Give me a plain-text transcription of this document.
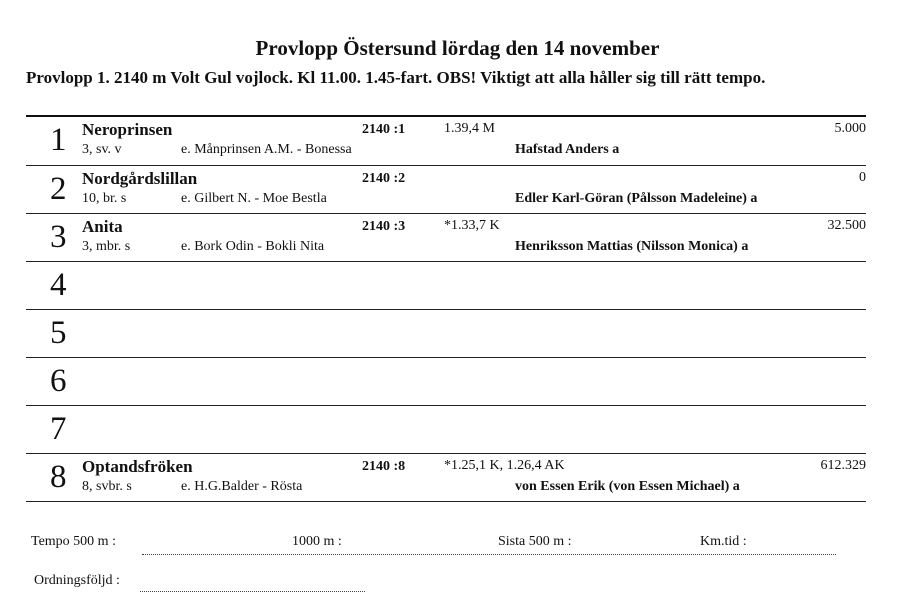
Provlopp Östersund lördag den 14 november
Provlopp 1. 2140 m Volt Gul vojlock. Kl 11.00. 1.45-fart. OBS! Viktigt att alla håller sig till rätt tempo.
1 Neroprinsen	2140 :1	1.39,4 M	5.000
3, sv. v	e. Månprinsen A.M. - Bonessa	Hafstad Anders a
2 Nordgårdslillan	2140 :2	0
10, br. s	e. Gilbert N. - Moe Bestla	Edler Karl-Göran (Pålsson Madeleine) a
3 Anita	2140 :3	*1.33,7 K	32.500
3, mbr. s	e. Bork Odin - Bokli Nita	Henriksson Mattias (Nilsson Monica) a
4
5
6
7
8 Optandsfröken	2140 :8	*1.25,1 K, 1.26,4 AK	612.329
8, svbr. s	e. H.G.Balder - Rösta	von Essen Erik (von Essen Michael) a
Tempo 500 m :	1000 m :	Sista 500 m :	Km.tid :
Ordningsföljd :
